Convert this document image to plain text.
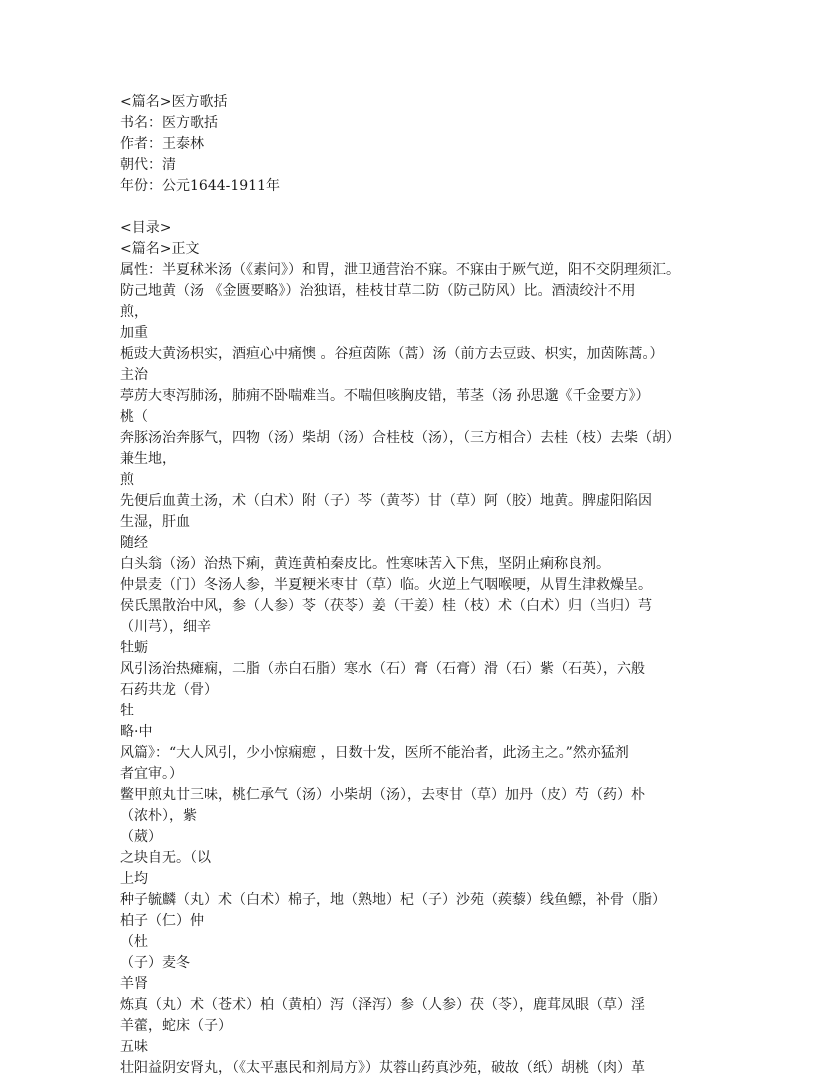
<篇名>医方歌括
书名：医方歌括
作者：王泰林
朝代：清
年份：公元1644-1911年
<目录>
<篇名>正文
属性：半夏秫米汤（《素问》）和胃，泄卫通营治不寐。不寐由于厥气逆，阳不交阴理须汇。
防己地黄（汤 《金匮要略》）治独语，桂枝甘草二防（防己防风）比。酒渍绞汁不用
煎，
加重
栀豉大黄汤枳实，酒疸心中痛懊 。谷疸茵陈（蒿）汤（前方去豆豉、枳实，加茵陈蒿。）
主治
葶苈大枣泻肺汤，肺痈不卧喘难当。不喘但咳胸皮错，苇茎（汤 孙思邈《千金要方》）
桃（
奔豚汤治奔豚气，四物（汤）柴胡（汤）合桂枝（汤），（三方相合）去桂（枝）去柴（胡）
兼生地，
煎
先便后血黄土汤，术（白术）附（子）芩（黄芩）甘（草）阿（胶）地黄。脾虚阳陷因
生湿，肝血
随经
白头翁（汤）治热下痢，黄连黄柏秦皮比。性寒味苦入下焦，坚阴止痢称良剂。
仲景麦（门）冬汤人参，半夏粳米枣甘（草）临。火逆上气咽喉哽，从胃生津救燥呈。
侯氏黑散治中风，参（人参）苓（茯苓）姜（干姜）桂（枝）术（白术）归（当归）芎
（川芎），细辛
牡蛎
风引汤治热瘫痫，二脂（赤白石脂）寒水（石）膏（石膏）滑（石）紫（石英），六般
石药共龙（骨）
牡
略·中
风篇》：“大人风引，少小惊痫瘛 ，日数十发，医所不能治者，此汤主之。”然亦猛剂
者宜审。）
鳖甲煎丸廿三味，桃仁承气（汤）小柴胡（汤），去枣甘（草）加丹（皮）芍（药）朴
（浓朴），紫
（葳）
之块自无。（以
上均
种子毓麟（丸）术（白术）棉子，地（熟地）杞（子）沙苑（蒺藜）线鱼鳔，补骨（脂）
柏子（仁）仲
（杜
（子）麦冬
羊肾
炼真（丸）术（苍术）柏（黄柏）泻（泽泻）参（人参）茯（苓），鹿茸凤眼（草）淫
羊藿，蛇床（子）
五味
壮阳益阴安肾丸，（《太平惠民和剂局方》）苁蓉山药真沙苑，破故（纸）胡桃（肉）革
